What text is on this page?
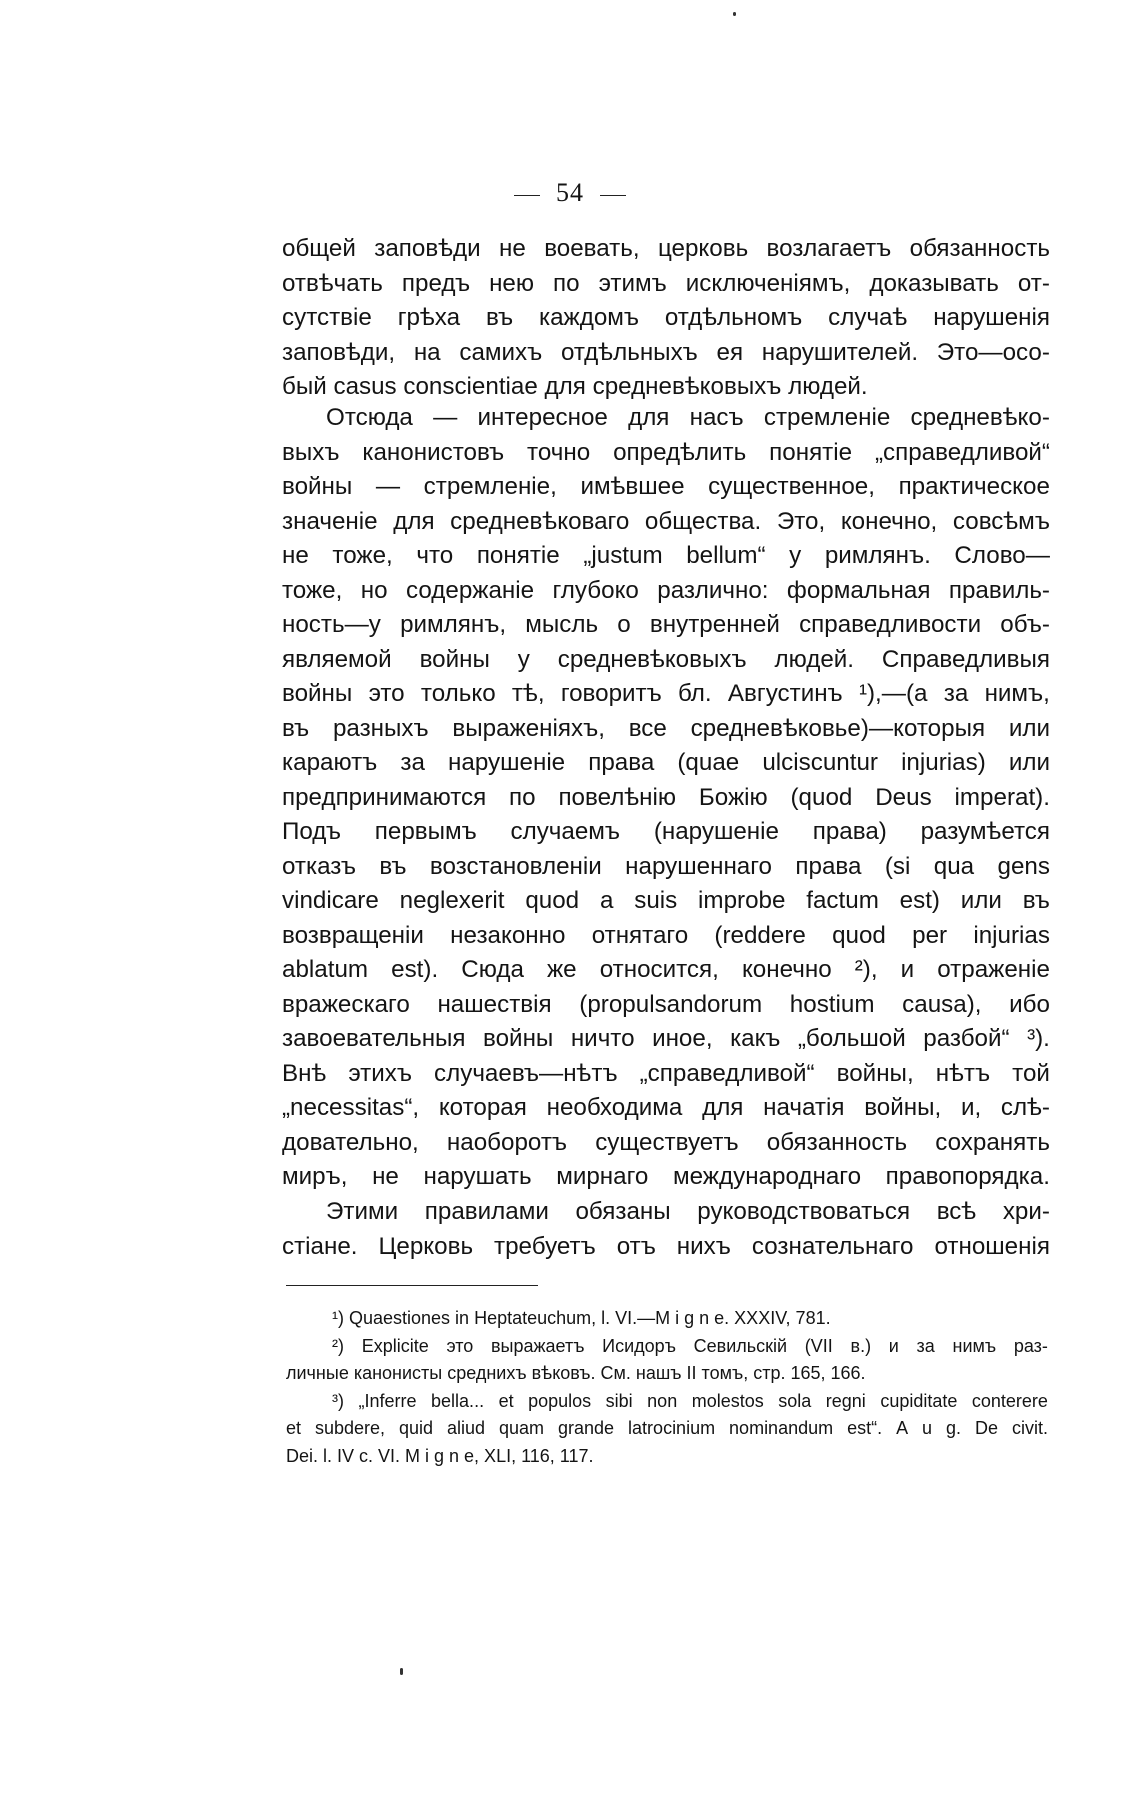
54
общей заповѣди не воевать, церковь возлагаетъ обязанность
отвѣчать предъ нею по этимъ исключеніямъ, доказывать от-
сутствіе грѣха въ каждомъ отдѣльномъ случаѣ нарушенія
заповѣди, на самихъ отдѣльныхъ ея нарушителей. Это—осо-
бый casus conscientiae для средневѣковыхъ людей.
Отсюда — интересное для насъ стремленіе средневѣко-
выхъ канонистовъ точно опредѣлить понятіе „справедливой“
войны — стремленіе, имѣвшее существенное, практическое
значеніе для средневѣковаго общества. Это, конечно, совсѣмъ
не тоже, что понятіе „justum bellum“ у римлянъ. Слово—
тоже, но содержаніе глубоко различно: формальная правиль-
ность—у римлянъ, мысль о внутренней справедливости объ-
являемой войны у средневѣковыхъ людей. Справедливыя
войны это только тѣ, говоритъ бл. Августинъ ¹),—(а за нимъ,
въ разныхъ выраженіяхъ, все средневѣковье)—которыя или
караютъ за нарушеніе права (quae ulciscuntur injurias) или
предпринимаются по повелѣнію Божію (quod Deus imperat).
Подъ первымъ случаемъ (нарушеніе права) разумѣется
отказъ въ возстановленіи нарушеннаго права (si qua gens
vindicare neglexerit quod a suis improbe factum est) или въ
возвращеніи незаконно отнятаго (reddere quod per injurias
ablatum est). Сюда же относится, конечно ²), и отраженіе
вражескаго нашествія (propulsandorum hostium causa), ибо
завоевательныя войны ничто иное, какъ „большой разбой“ ³).
Внѣ этихъ случаевъ—нѣтъ „справедливой“ войны, нѣтъ той
„necessitas“, которая необходима для начатія войны, и, слѣ-
довательно, наоборотъ существуетъ обязанность сохранять
миръ, не нарушать мирнаго международнаго правопорядка.
Этими правилами обязаны руководствоваться всѣ хри-
стіане. Церковь требуетъ отъ нихъ сознательнаго отношенія
¹) Quaestiones in Heptateuchum, l. VI.—M i g n e. XXXIV, 781.
²) Explicite это выражаетъ Исидоръ Севильскій (VII в.) и за нимъ раз-
личные канонисты среднихъ вѣковъ. См. нашъ II томъ, стр. 165, 166.
³) „Inferre bella... et populos sibi non molestos sola regni cupiditate conterere
et subdere, quid aliud quam grande latrocinium nominandum est“. A u g. De civit.
Dei. l. IV c. VI. M i g n e, XLI, 116, 117.
